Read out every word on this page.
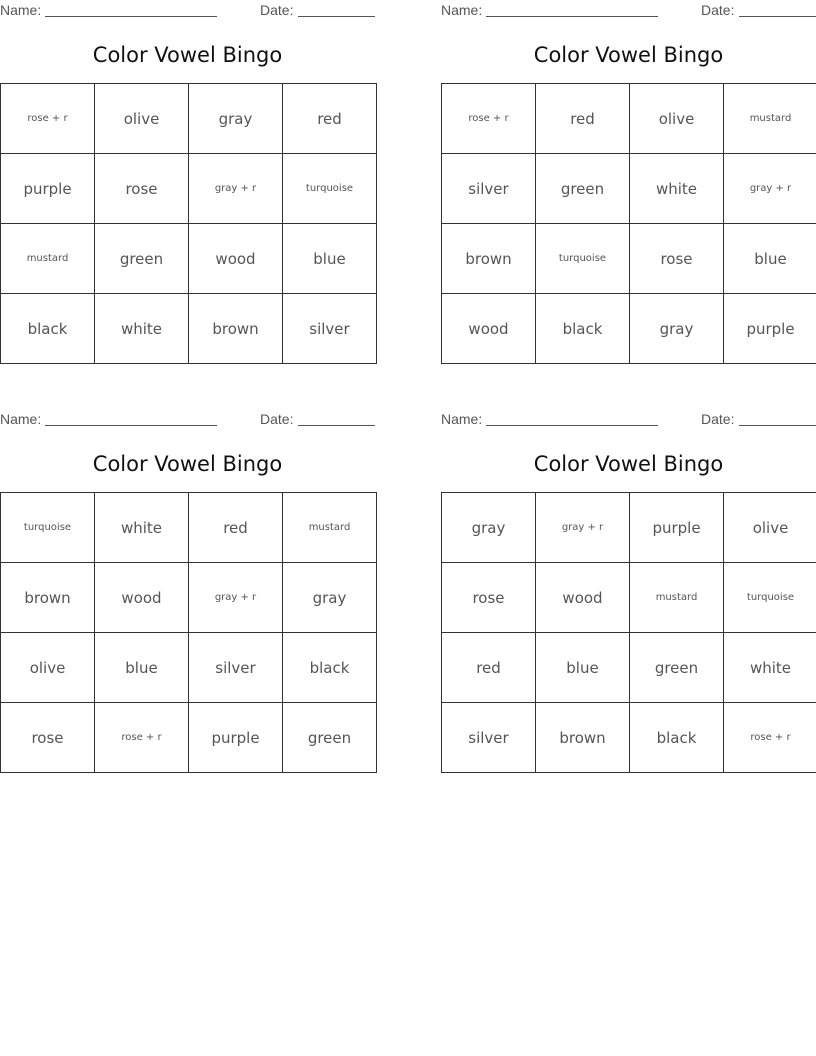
Name:	Date:
Color Vowel Bingo
rose + r	olive	gray	red
purple	rose	gray + r	turquoise
mustard	green	wood	blue
black	white	brown	silver
Name:	Date:
Color Vowel Bingo
rose + r	red	olive	mustard
silver	green	white	gray + r
brown	turquoise	rose	blue
wood	black	gray	purple
Name:	Date:
Color Vowel Bingo
turquoise	white	red	mustard
brown	wood	gray + r	gray
olive	blue	silver	black
rose	rose + r	purple	green
Name:	Date:
Color Vowel Bingo
gray	gray + r	purple	olive
rose	wood	mustard	turquoise
red	blue	green	white
silver	brown	black	rose + r
